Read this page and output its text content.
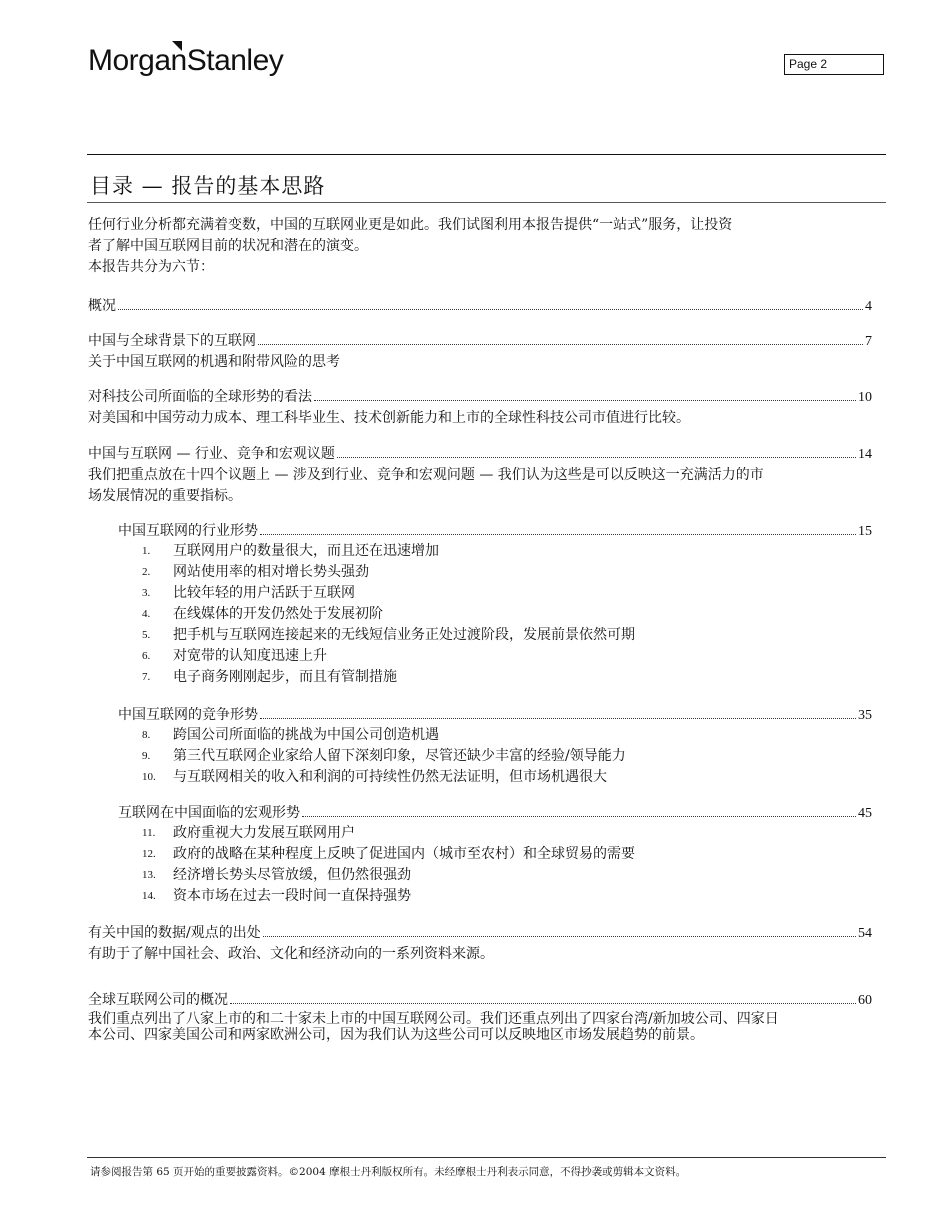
MorganStanley	Page 2
目录 — 报告的基本思路
任何行业分析都充满着变数，中国的互联网业更是如此。我们试图利用本报告提供“一站式”服务，让投资
者了解中国互联网目前的状况和潜在的演变。
本报告共分为六节：
概况	4
中国与全球背景下的互联网	7
关于中国互联网的机遇和附带风险的思考
对科技公司所面临的全球形势的看法	10
对美国和中国劳动力成本、理工科毕业生、技术创新能力和上市的全球性科技公司市值进行比较。
中国与互联网 — 行业、竞争和宏观议题	14
我们把重点放在十四个议题上 — 涉及到行业、竞争和宏观问题 — 我们认为这些是可以反映这一充满活力的市
场发展情况的重要指标。
中国互联网的行业形势	15
1.	互联网用户的数量很大，而且还在迅速增加
2.	网站使用率的相对增长势头强劲
3.	比较年轻的用户活跃于互联网
4.	在线媒体的开发仍然处于发展初阶
5.	把手机与互联网连接起来的无线短信业务正处过渡阶段，发展前景依然可期
6.	对宽带的认知度迅速上升
7.	电子商务刚刚起步，而且有管制措施
中国互联网的竞争形势	35
8.	跨国公司所面临的挑战为中国公司创造机遇
9.	第三代互联网企业家给人留下深刻印象，尽管还缺少丰富的经验/领导能力
10.	与互联网相关的收入和利润的可持续性仍然无法证明，但市场机遇很大
互联网在中国面临的宏观形势	45
11.	政府重视大力发展互联网用户
12.	政府的战略在某种程度上反映了促进国内（城市至农村）和全球贸易的需要
13.	经济增长势头尽管放缓，但仍然很强劲
14.	资本市场在过去一段时间一直保持强势
有关中国的数据/观点的出处	54
有助于了解中国社会、政治、文化和经济动向的一系列资料来源。
全球互联网公司的概况	60
我们重点列出了八家上市的和二十家未上市的中国互联网公司。我们还重点列出了四家台湾/新加坡公司、四家日
本公司、四家美国公司和两家欧洲公司，因为我们认为这些公司可以反映地区市场发展趋势的前景。
请参阅报告第 65 页开始的重要披露资料。©2004 摩根士丹利版权所有。未经摩根士丹利表示同意，不得抄袭或剪辑本文资料。
